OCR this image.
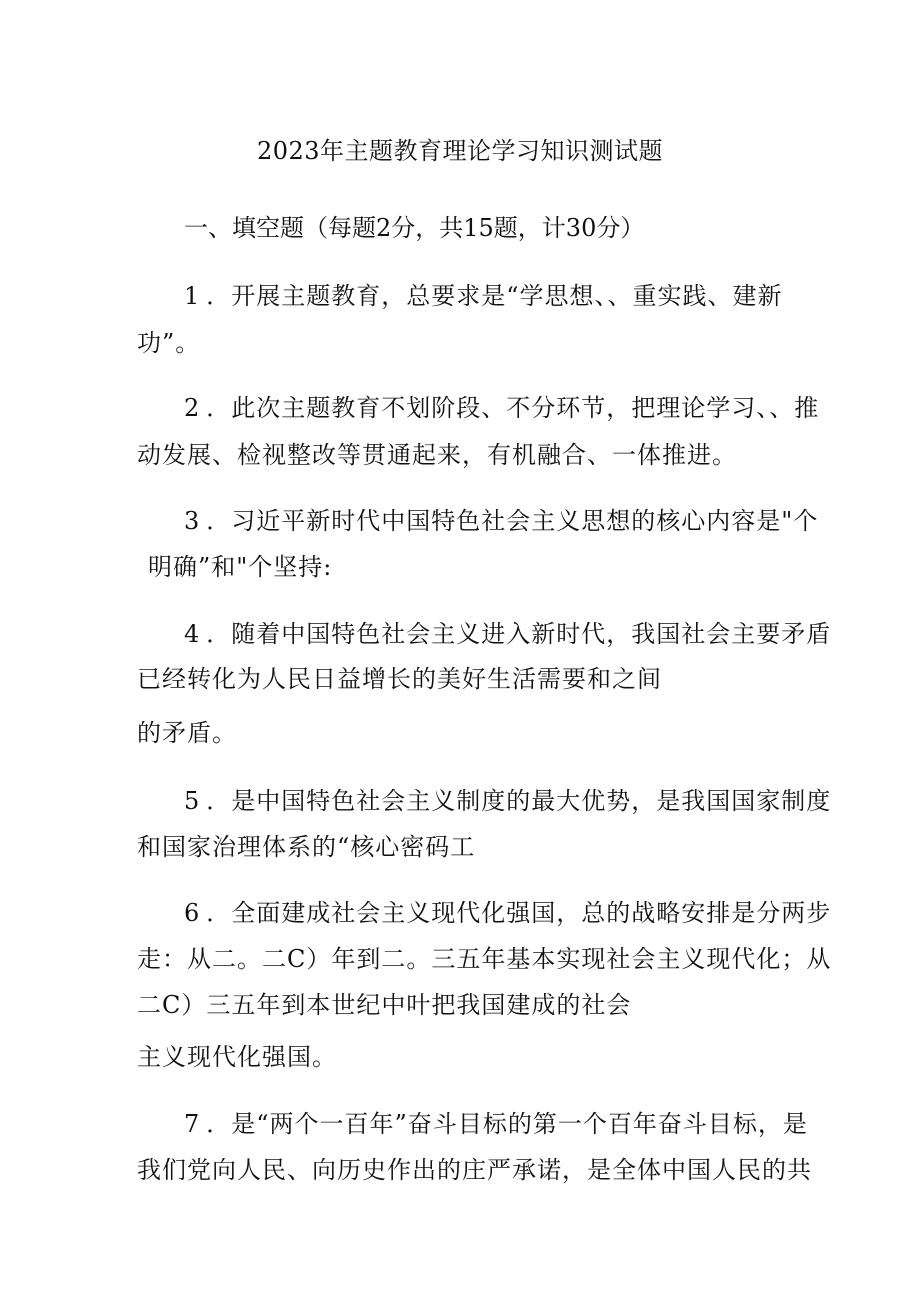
2023年主题教育理论学习知识测试题
一、填空题（每题2分，共15题，计30分）
1 ．开展主题教育，总要求是“学思想、、重实践、建新
功”。
2 ．此次主题教育不划阶段、不分环节，把理论学习、、推
动发展、检视整改等贯通起来，有机融合、一体推进。
3 ．习近平新时代中国特色社会主义思想的核心内容是"个
明确”和"个坚持:
4 ．随着中国特色社会主义进入新时代，我国社会主要矛盾
已经转化为人民日益增长的美好生活需要和之间
的矛盾。
5 ．是中国特色社会主义制度的最大优势，是我国国家制度
和国家治理体系的“核心密码工
6 ．全面建成社会主义现代化强国，总的战略安排是分两步
走：从二。二C）年到二。三五年基本实现社会主义现代化；从
二C）三五年到本世纪中叶把我国建成的社会
主义现代化强国。
7 ．是“两个一百年”奋斗目标的第一个百年奋斗目标，是
我们党向人民、向历史作出的庄严承诺，是全体中国人民的共
